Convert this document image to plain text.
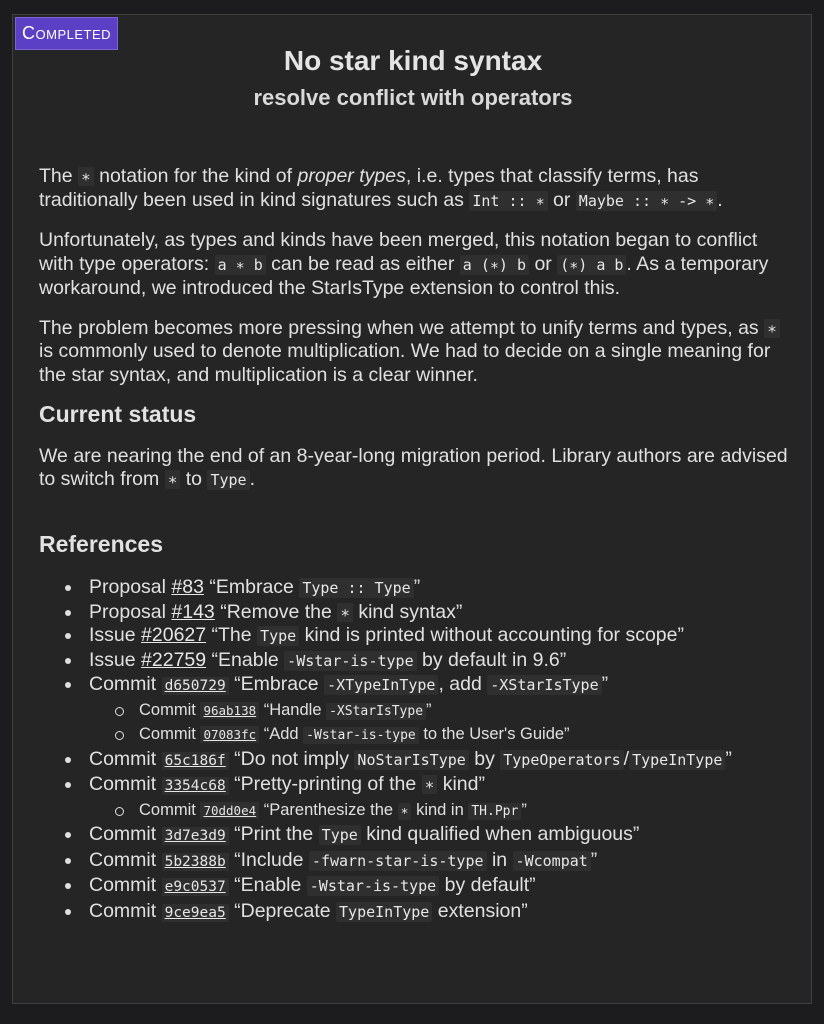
Completed
No star kind syntax
resolve conflict with operators

The ∗ notation for the kind of proper types, i.e. types that classify terms, has traditionally been used in kind signatures such as Int :: ∗ or Maybe :: ∗ -> ∗ .

Unfortunately, as types and kinds have been merged, this notation began to conflict with type operators: a ∗ b can be read as either a (∗) b or (∗) a b . As a temporary workaround, we introduced the StarIsType extension to control this.

The problem becomes more pressing when we attempt to unify terms and types, as ∗ is commonly used to denote multiplication. We had to decide on a single meaning for the star syntax, and multiplication is a clear winner.

Current status

We are nearing the end of an 8-year-long migration period. Library authors are advised to switch from ∗ to Type .

References
Proposal #83 “Embrace Type :: Type ”
Proposal #143 “Remove the ∗ kind syntax”
Issue #20627 “The Type kind is printed without accounting for scope”
Issue #22759 “Enable -Wstar-is-type by default in 9.6”
Commit d650729 “Embrace -XTypeInType , add -XStarIsType ”
Commit 96ab138 “Handle -XStarIsType ”
Commit 07083fc “Add -Wstar-is-type to the User's Guide”
Commit 65c186f “Do not imply NoStarIsType by TypeOperators / TypeInType ”
Commit 3354c68 “Pretty-printing of the ∗ kind”
Commit 70dd0e4 “Parenthesize the ∗ kind in TH.Ppr ”
Commit 3d7e3d9 “Print the Type kind qualified when ambiguous”
Commit 5b2388b “Include -fwarn-star-is-type in -Wcompat ”
Commit e9c0537 “Enable -Wstar-is-type by default”
Commit 9ce9ea5 “Deprecate TypeInType extension”
